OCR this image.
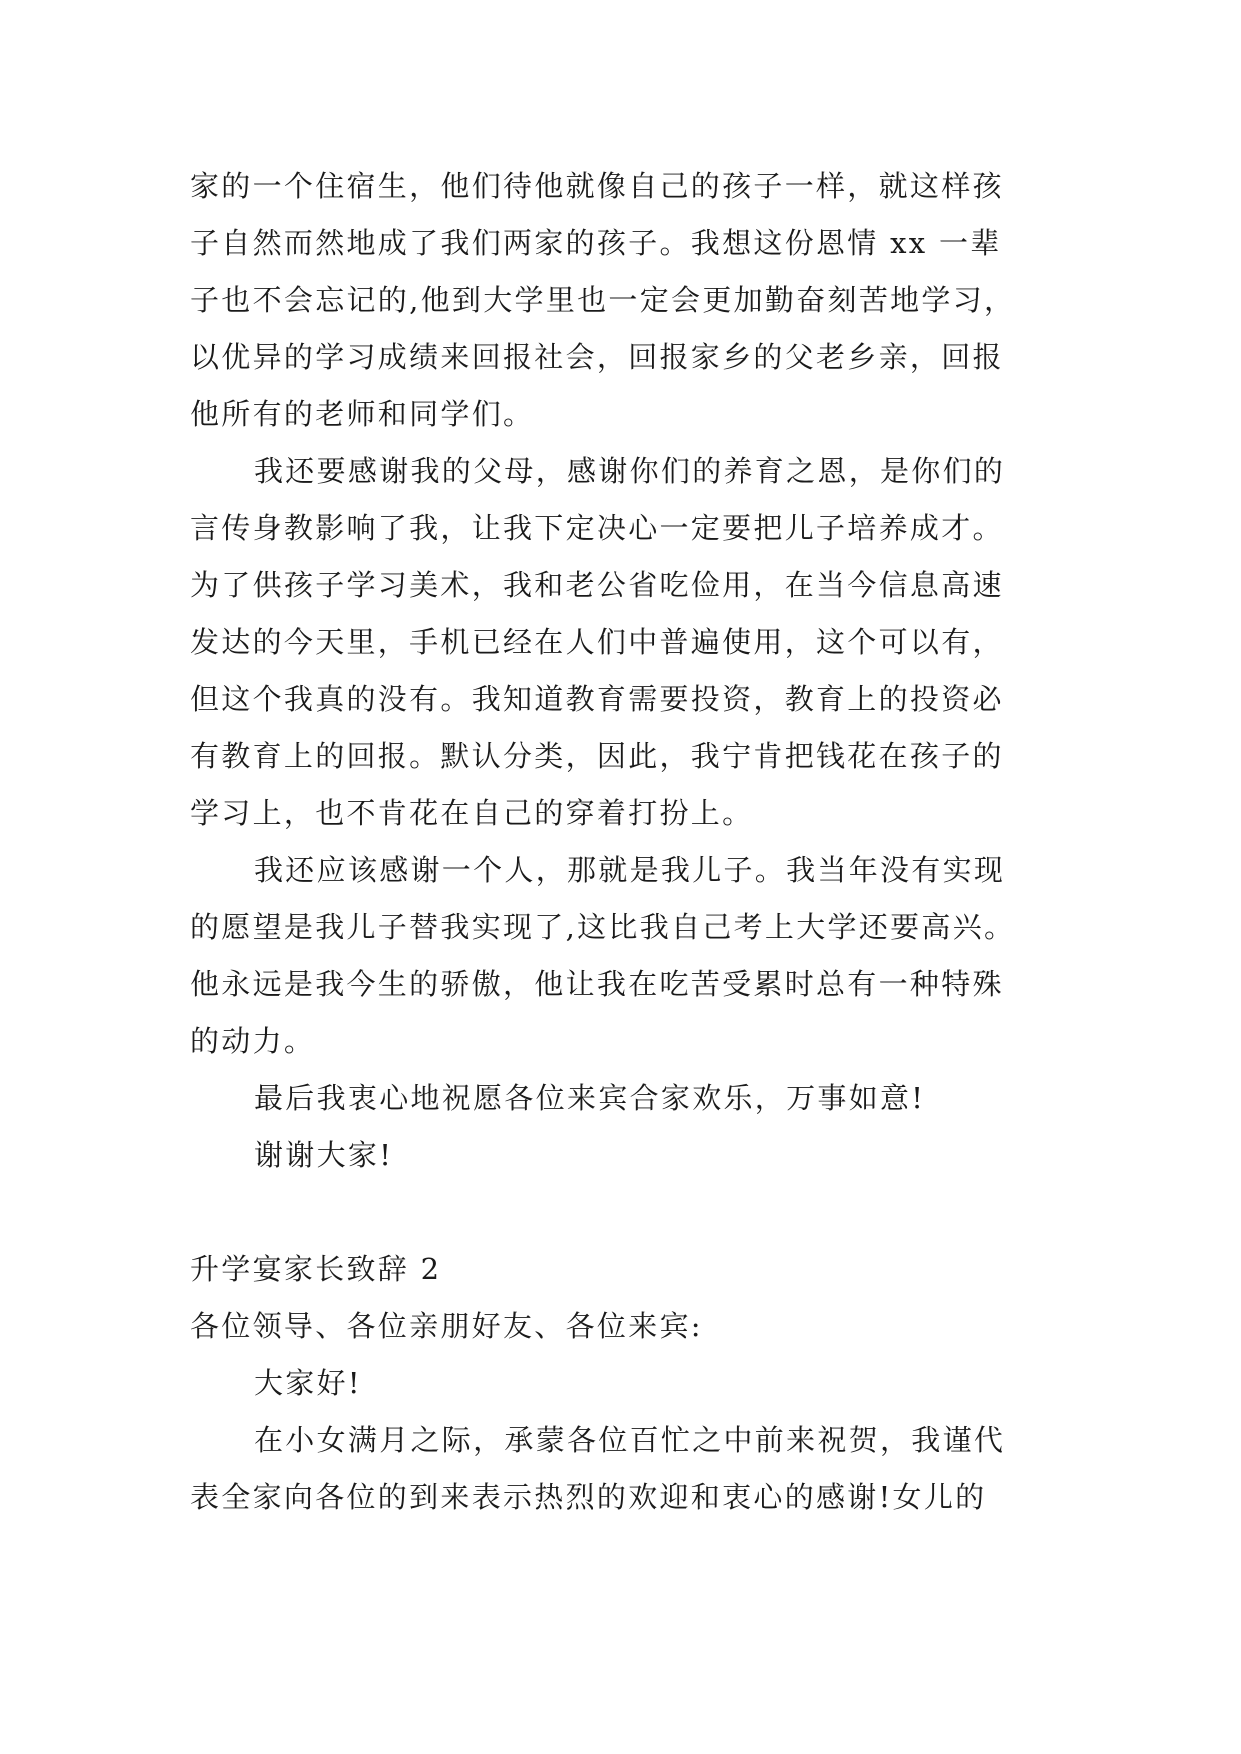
家的一个住宿生，他们待他就像自己的孩子一样，就这样孩
子自然而然地成了我们两家的孩子。我想这份恩情 xx 一辈
子也不会忘记的,他到大学里也一定会更加勤奋刻苦地学习，
以优异的学习成绩来回报社会，回报家乡的父老乡亲，回报
他所有的老师和同学们。
我还要感谢我的父母，感谢你们的养育之恩，是你们的
言传身教影响了我，让我下定决心一定要把儿子培养成才。
为了供孩子学习美术，我和老公省吃俭用，在当今信息高速
发达的今天里，手机已经在人们中普遍使用，这个可以有，
但这个我真的没有。我知道教育需要投资，教育上的投资必
有教育上的回报。默认分类，因此，我宁肯把钱花在孩子的
学习上，也不肯花在自己的穿着打扮上。
我还应该感谢一个人，那就是我儿子。我当年没有实现
的愿望是我儿子替我实现了,这比我自己考上大学还要高兴。
他永远是我今生的骄傲，他让我在吃苦受累时总有一种特殊
的动力。
最后我衷心地祝愿各位来宾合家欢乐，万事如意!
谢谢大家!
升学宴家长致辞 2
各位领导、各位亲朋好友、各位来宾:
大家好!
在小女满月之际，承蒙各位百忙之中前来祝贺，我谨代
表全家向各位的到来表示热烈的欢迎和衷心的感谢!女儿的
